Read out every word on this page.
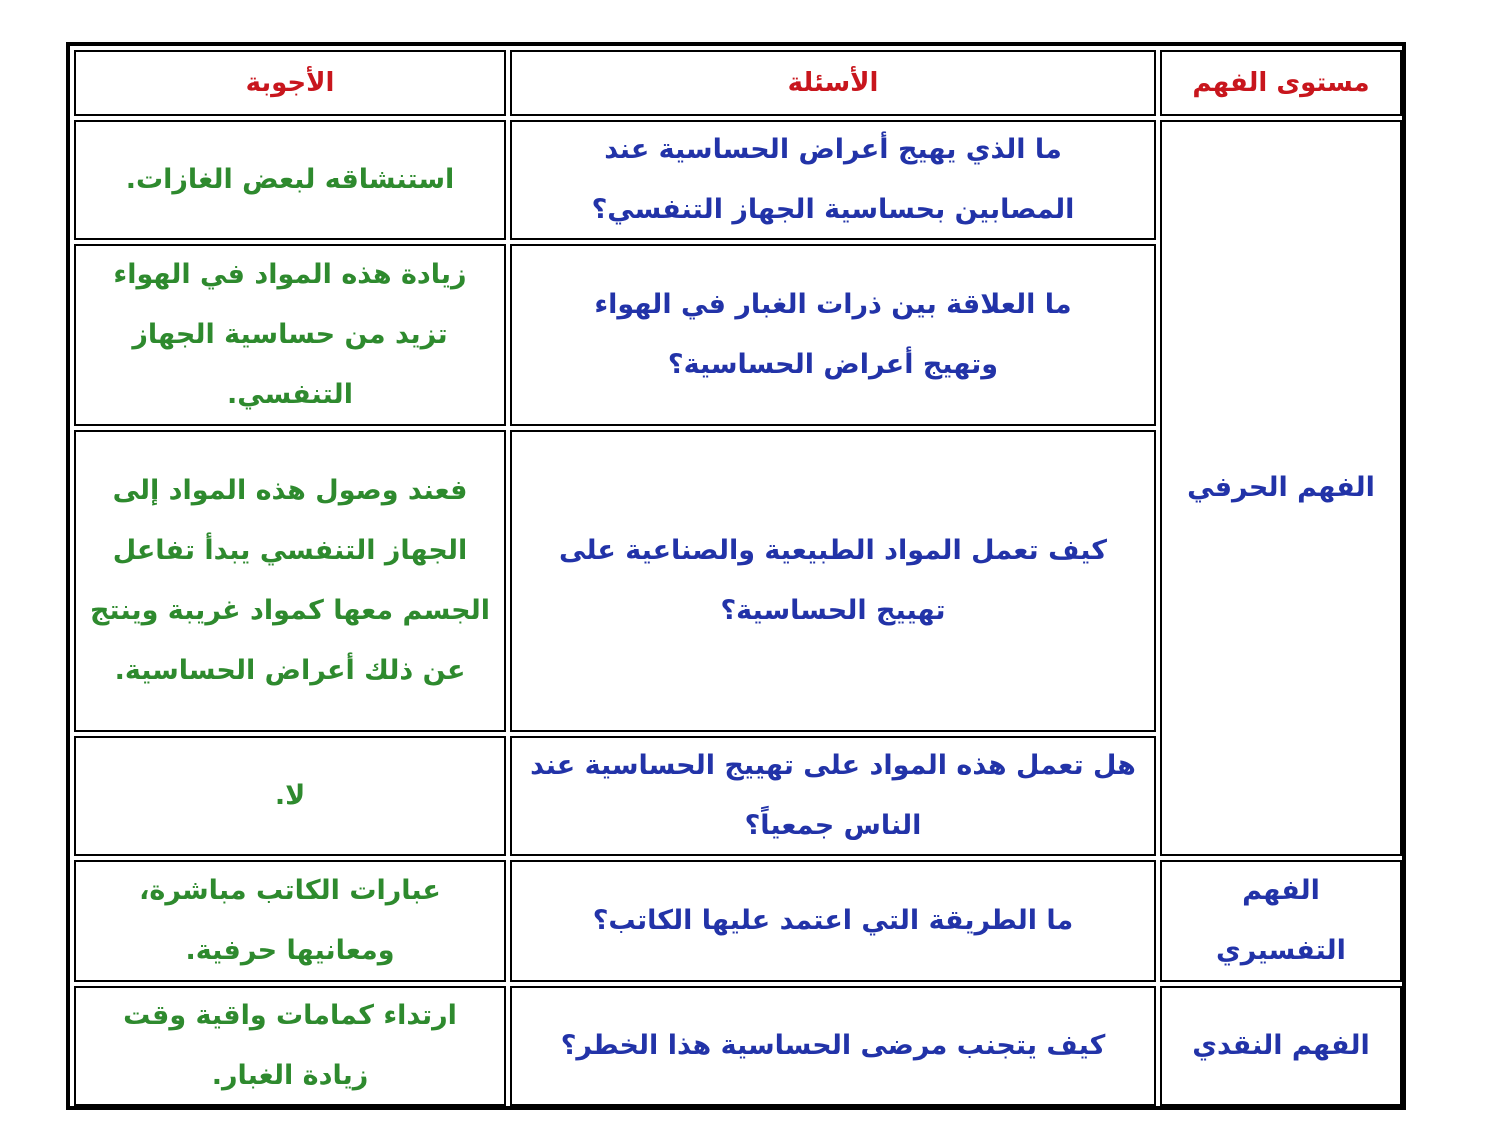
الأجوبة	الأسئلة	مستوى الفهم
الفهم الحرفي
الفهم التفسيري
الفهم النقدي
ما الذي يهيج أعراض الحساسية عند المصابين بحساسية الجهاز التنفسي؟
استنشاقه لبعض الغازات.
ما العلاقة بين ذرات الغبار في الهواء وتهيج أعراض الحساسية؟
زيادة هذه المواد في الهواء تزيد من حساسية الجهاز التنفسي.
كيف تعمل المواد الطبيعية والصناعية على تهييج الحساسية؟
فعند وصول هذه المواد إلى الجهاز التنفسي يبدأ تفاعل الجسم معها كمواد غريبة وينتج عن ذلك أعراض الحساسية.
هل تعمل هذه المواد على تهييج الحساسية عند الناس جمعياً؟
لا.
ما الطريقة التي اعتمد عليها الكاتب؟
عبارات الكاتب مباشرة، ومعانيها حرفية.
كيف يتجنب مرضى الحساسية هذا الخطر؟
ارتداء كمامات واقية وقت زيادة الغبار.
